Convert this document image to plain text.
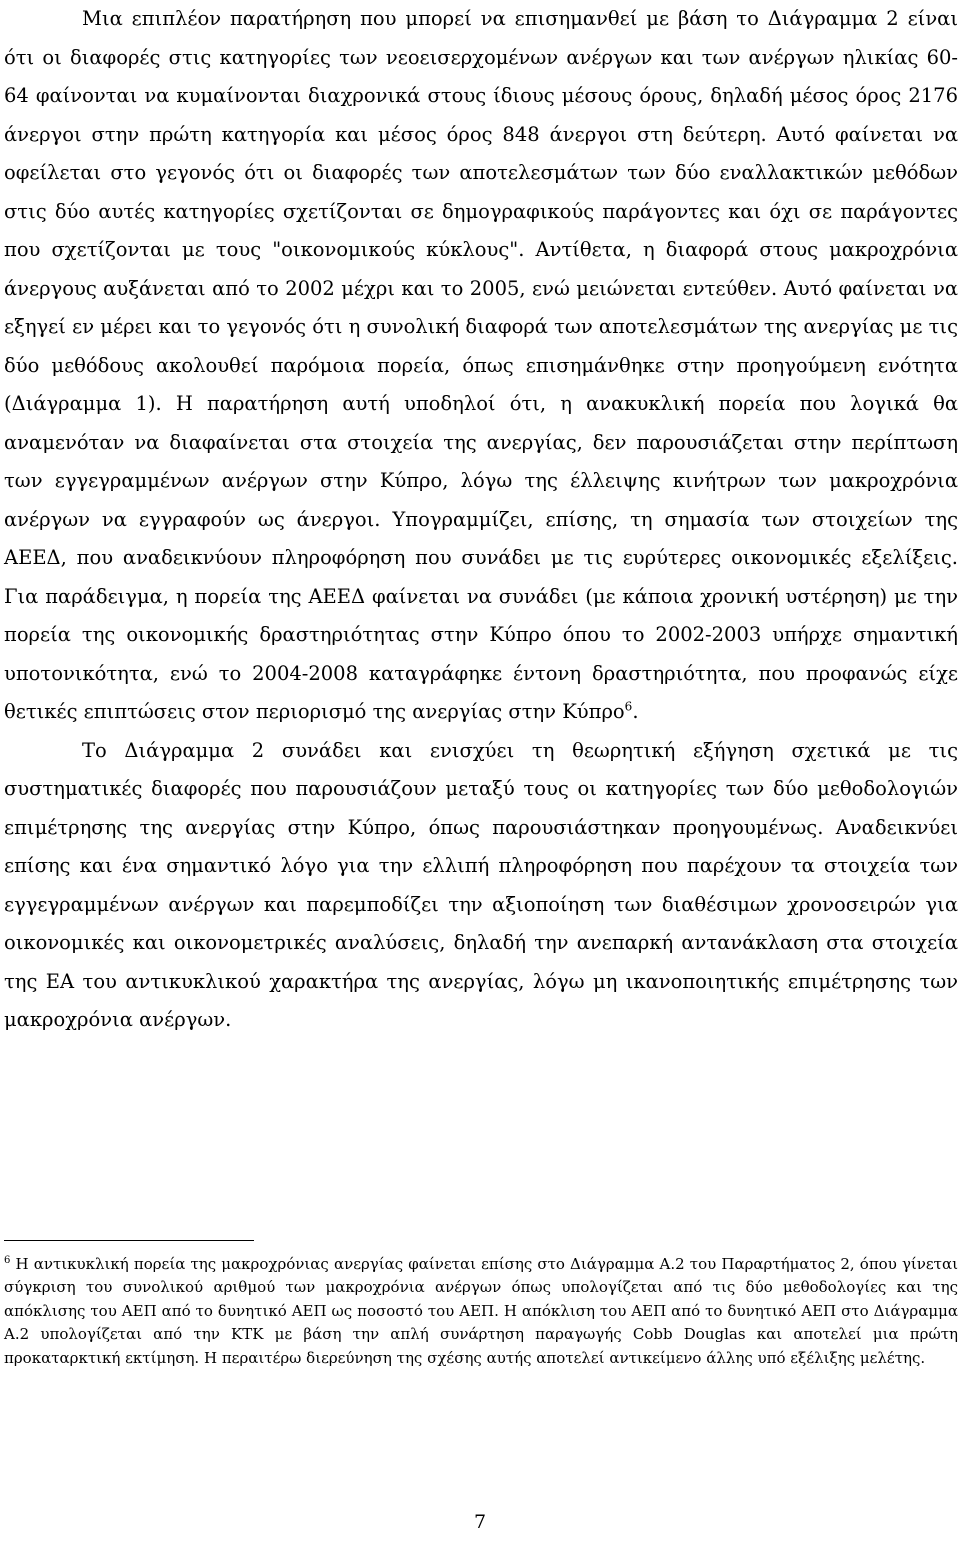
Μια επιπλέον παρατήρηση που μπορεί να επισημανθεί με βάση το Διάγραμμα 2 είναι ότι οι διαφορές στις κατηγορίες των νεοεισερχομένων ανέργων και των ανέργων ηλικίας 60-64 φαίνονται να κυμαίνονται διαχρονικά στους ίδιους μέσους όρους, δηλαδή μέσος όρος 2176 άνεργοι στην πρώτη κατηγορία και μέσος όρος 848 άνεργοι στη δεύτερη. Αυτό φαίνεται να οφείλεται στο γεγονός ότι οι διαφορές των αποτελεσμάτων των δύο εναλλακτικών μεθόδων στις δύο αυτές κατηγορίες σχετίζονται σε δημογραφικούς παράγοντες και όχι σε παράγοντες που σχετίζονται με τους "οικονομικούς κύκλους". Αντίθετα, η διαφορά στους μακροχρόνια άνεργους αυξάνεται από το 2002 μέχρι και το 2005, ενώ μειώνεται εντεύθεν. Αυτό φαίνεται να εξηγεί εν μέρει και το γεγονός ότι η συνολική διαφορά των αποτελεσμάτων της ανεργίας με τις δύο μεθόδους ακολουθεί παρόμοια πορεία, όπως επισημάνθηκε στην προηγούμενη ενότητα (Διάγραμμα 1). Η παρατήρηση αυτή υποδηλοί ότι, η ανακυκλική πορεία που λογικά θα αναμενόταν να διαφαίνεται στα στοιχεία της ανεργίας, δεν παρουσιάζεται στην περίπτωση των εγγεγραμμένων ανέργων στην Κύπρο, λόγω της έλλειψης κινήτρων των μακροχρόνια ανέργων να εγγραφούν ως άνεργοι. Υπογραμμίζει, επίσης, τη σημασία των στοιχείων της ΑΕΕΔ, που αναδεικνύουν πληροφόρηση που συνάδει με τις ευρύτερες οικονομικές εξελίξεις. Για παράδειγμα, η πορεία της ΑΕΕΔ φαίνεται να συνάδει (με κάποια χρονική υστέρηση) με την πορεία της οικονομικής δραστηριότητας στην Κύπρο όπου το 2002-2003 υπήρχε σημαντική υποτονικότητα, ενώ το 2004-2008 καταγράφηκε έντονη δραστηριότητα, που προφανώς είχε θετικές επιπτώσεις στον περιορισμό της ανεργίας στην Κύπρο$^6$.

Το Διάγραμμα 2 συνάδει και ενισχύει τη θεωρητική εξήγηση σχετικά με τις συστηματικές διαφορές που παρουσιάζουν μεταξύ τους οι κατηγορίες των δύο μεθοδολογιών επιμέτρησης της ανεργίας στην Κύπρο, όπως παρουσιάστηκαν προηγουμένως. Αναδεικνύει επίσης και ένα σημαντικό λόγο για την ελλιπή πληροφόρηση που παρέχουν τα στοιχεία των εγγεγραμμένων ανέργων και παρεμποδίζει την αξιοποίηση των διαθέσιμων χρονοσειρών για οικονομικές και οικονομετρικές αναλύσεις, δηλαδή την ανεπαρκή αντανάκλαση στα στοιχεία της ΕΑ του αντικυκλικού χαρακτήρα της ανεργίας, λόγω μη ικανοποιητικής επιμέτρησης των μακροχρόνια ανέργων.

$^6$ Η αντικυκλική πορεία της μακροχρόνιας ανεργίας φαίνεται επίσης στο Διάγραμμα Α.2 του Παραρτήματος 2, όπου γίνεται σύγκριση του συνολικού αριθμού των μακροχρόνια ανέργων όπως υπολογίζεται από τις δύο μεθοδολογίες και της απόκλισης του ΑΕΠ από το δυνητικό ΑΕΠ ως ποσοστό του ΑΕΠ. Η απόκλιση του ΑΕΠ από το δυνητικό ΑΕΠ στο Διάγραμμα Α.2 υπολογίζεται από την ΚΤΚ με βάση την απλή συνάρτηση παραγωγής Cobb Douglas και αποτελεί μια πρώτη προκαταρκτική εκτίμηση. Η περαιτέρω διερεύνηση της σχέσης αυτής αποτελεί αντικείμενο άλλης υπό εξέλιξης μελέτης.

7
